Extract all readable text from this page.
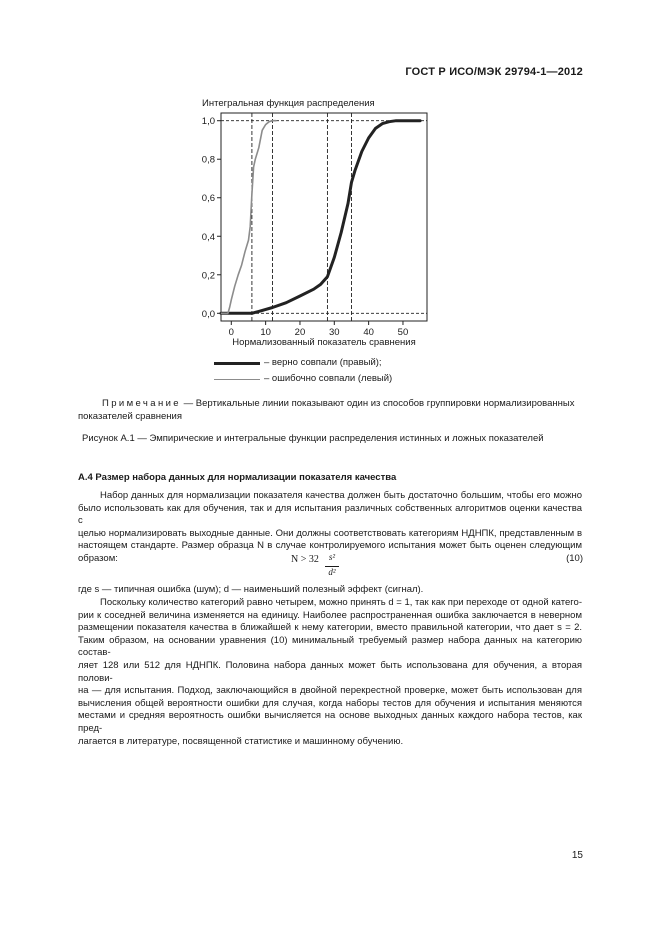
ГОСТ Р ИСО/МЭК 29794-1—2012
Интегральная функция распределения
0,0
0,2
0,4
0,6
0,8
1,0
0	10	20	30	40	50
Нормализованный показатель сравнения
– верно совпали (правый);
– ошибочно совпали (левый)
Примечание — Вертикальные линии показывают один из способов группировки нормализированных
показателей сравнения
Рисунок А.1 — Эмпирические и интегральные функции распределения истинных и ложных показателей
А.4 Размер набора данных для нормализации показателя качества
Набор данных для нормализации показателя качества должен быть достаточно большим, чтобы его можно
было использовать как для обучения, так и для испытания различных собственных алгоритмов оценки качества с
целью нормализировать выходные данные. Они должны соответствовать категориям НДНПК, представленным в
настоящем стандарте. Размер образца N в случае контролируемого испытания может быть оценен следующим
образом:	N > 32	s²
d²
(10)
где s — типичная ошибка (шум); d — наименьший полезный эффект (сигнал).
Поскольку количество категорий равно четырем, можно принять d = 1, так как при переходе от одной катего-
рии к соседней величина изменяется на единицу. Наиболее распространенная ошибка заключается в неверном
размещении показателя качества в ближайшей к нему категории, вместо правильной категории, что дает s = 2.
Таким образом, на основании уравнения (10) минимальный требуемый размер набора данных на категорию состав-
ляет 128 или 512 для НДНПК. Половина набора данных может быть использована для обучения, а вторая полови-
на — для испытания. Подход, заключающийся в двойной перекрестной проверке, может быть использован для
вычисления общей вероятности ошибки для случая, когда наборы тестов для обучения и испытания меняются
местами и средняя вероятность ошибки вычисляется на основе выходных данных каждого набора тестов, как пред-
лагается в литературе, посвященной статистике и машинному обучению.
15
